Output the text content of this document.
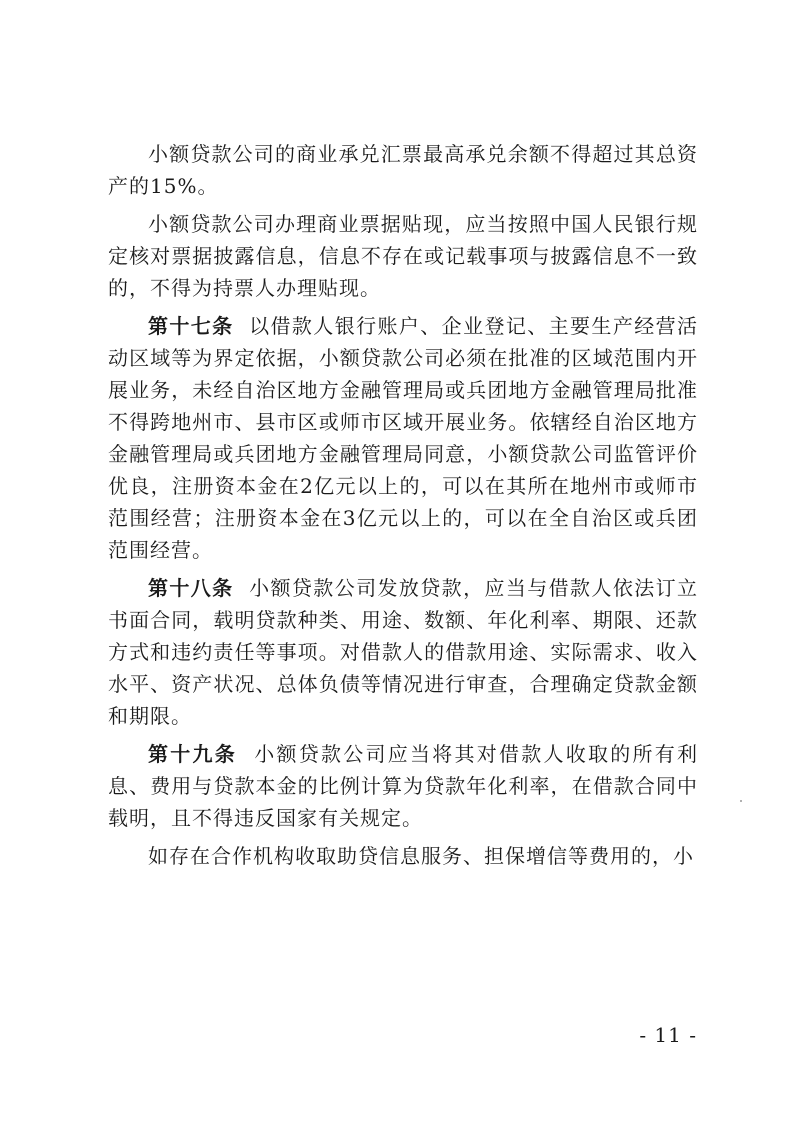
小额贷款公司的商业承兑汇票最高承兑余额不得超过其总资产的15%。

小额贷款公司办理商业票据贴现，应当按照中国人民银行规定核对票据披露信息，信息不存在或记载事项与披露信息不一致的，不得为持票人办理贴现。

第十七条 以借款人银行账户、企业登记、主要生产经营活动区域等为界定依据，小额贷款公司必须在批准的区域范围内开展业务，未经自治区地方金融管理局或兵团地方金融管理局批准不得跨地州市、县市区或师市区域开展业务。依辖经自治区地方金融管理局或兵团地方金融管理局同意，小额贷款公司监管评价优良，注册资本金在2亿元以上的，可以在其所在地州市或师市范围经营；注册资本金在3亿元以上的，可以在全自治区或兵团范围经营。

第十八条 小额贷款公司发放贷款，应当与借款人依法订立书面合同，载明贷款种类、用途、数额、年化利率、期限、还款方式和违约责任等事项。对借款人的借款用途、实际需求、收入水平、资产状况、总体负债等情况进行审查，合理确定贷款金额和期限。

第十九条 小额贷款公司应当将其对借款人收取的所有利息、费用与贷款本金的比例计算为贷款年化利率，在借款合同中载明，且不得违反国家有关规定。

如存在合作机构收取助贷信息服务、担保增信等费用的，小

- 11 -
